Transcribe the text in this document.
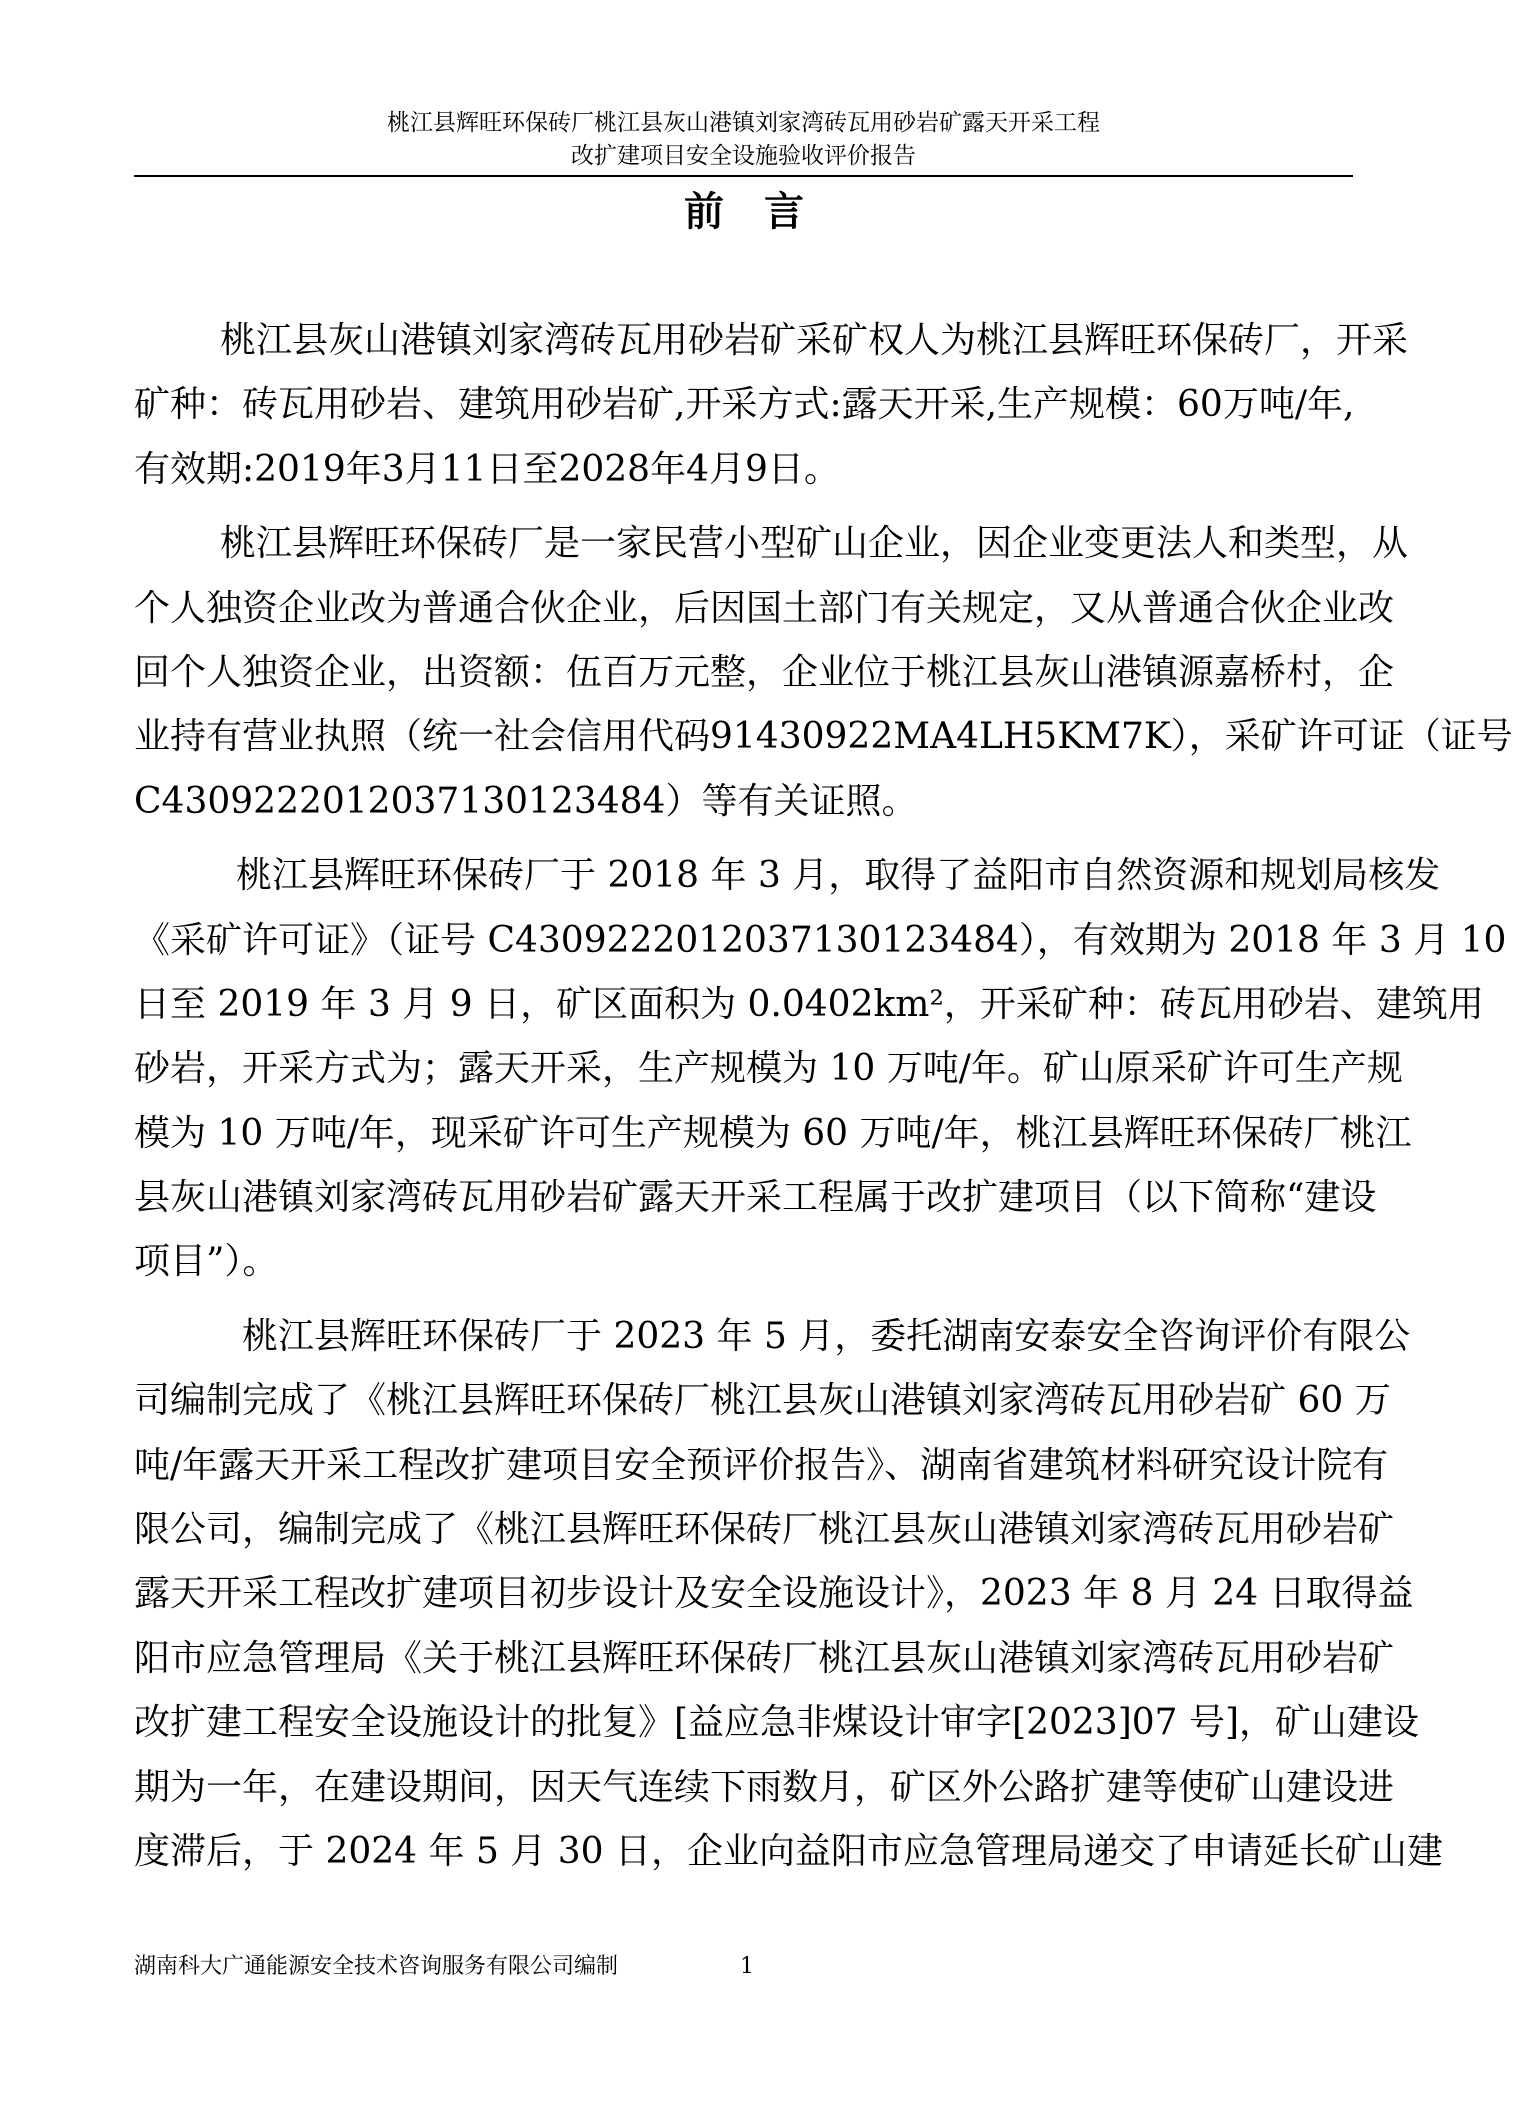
桃江县辉旺环保砖厂桃江县灰山港镇刘家湾砖瓦用砂岩矿露天开采工程
改扩建项目安全设施验收评价报告
前言
桃江县灰山港镇刘家湾砖瓦用砂岩矿采矿权人为桃江县辉旺环保砖厂，开采
矿种：砖瓦用砂岩、建筑用砂岩矿,开采方式:露天开采,生产规模：60万吨/年,
有效期:2019年3月11日至2028年4月9日。
桃江县辉旺环保砖厂是一家民营小型矿山企业，因企业变更法人和类型，从
个人独资企业改为普通合伙企业，后因国土部门有关规定，又从普通合伙企业改
回个人独资企业，出资额：伍百万元整，企业位于桃江县灰山港镇源嘉桥村，企
业持有营业执照（统一社会信用代码91430922MA4LH5KM7K），采矿许可证（证号
C4309222012037130123484）等有关证照。
桃江县辉旺环保砖厂于 2018 年 3 月，取得了益阳市自然资源和规划局核发
《采矿许可证》（证号 C4309222012037130123484），有效期为 2018 年 3 月 10
日至 2019 年 3 月 9 日，矿区面积为 0.0402km²，开采矿种：砖瓦用砂岩、建筑用
砂岩，开采方式为；露天开采，生产规模为 10 万吨/年。矿山原采矿许可生产规
模为 10 万吨/年，现采矿许可生产规模为 60 万吨/年，桃江县辉旺环保砖厂桃江
县灰山港镇刘家湾砖瓦用砂岩矿露天开采工程属于改扩建项目（以下简称“建设
项目”）。
桃江县辉旺环保砖厂于 2023 年 5 月，委托湖南安泰安全咨询评价有限公
司编制完成了《桃江县辉旺环保砖厂桃江县灰山港镇刘家湾砖瓦用砂岩矿 60 万
吨/年露天开采工程改扩建项目安全预评价报告》、湖南省建筑材料研究设计院有
限公司，编制完成了《桃江县辉旺环保砖厂桃江县灰山港镇刘家湾砖瓦用砂岩矿
露天开采工程改扩建项目初步设计及安全设施设计》，2023 年 8 月 24 日取得益
阳市应急管理局《关于桃江县辉旺环保砖厂桃江县灰山港镇刘家湾砖瓦用砂岩矿
改扩建工程安全设施设计的批复》[益应急非煤设计审字[2023]07 号]，矿山建设
期为一年，在建设期间，因天气连续下雨数月，矿区外公路扩建等使矿山建设进
度滞后，于 2024 年 5 月 30 日，企业向益阳市应急管理局递交了申请延长矿山建
湖南科大广通能源安全技术咨询服务有限公司编制	1
